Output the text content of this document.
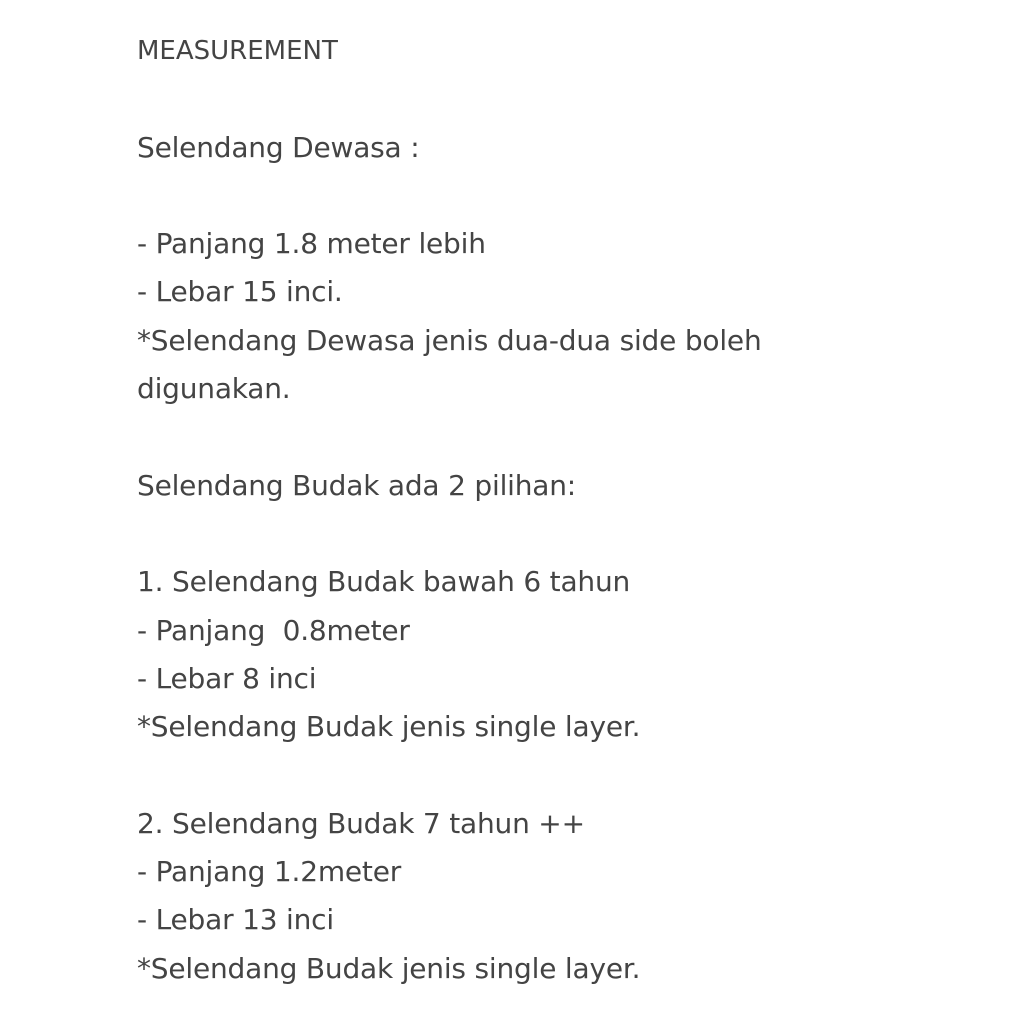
MEASUREMENT
Selendang Dewasa :
- Panjang 1.8 meter lebih
- Lebar 15 inci.
*Selendang Dewasa jenis dua-dua side boleh
digunakan.
Selendang Budak ada 2 pilihan:
1. Selendang Budak bawah 6 tahun
- Panjang  0.8meter
- Lebar 8 inci
*Selendang Budak jenis single layer.
2. Selendang Budak 7 tahun ++
- Panjang 1.2meter
- Lebar 13 inci
*Selendang Budak jenis single layer.
